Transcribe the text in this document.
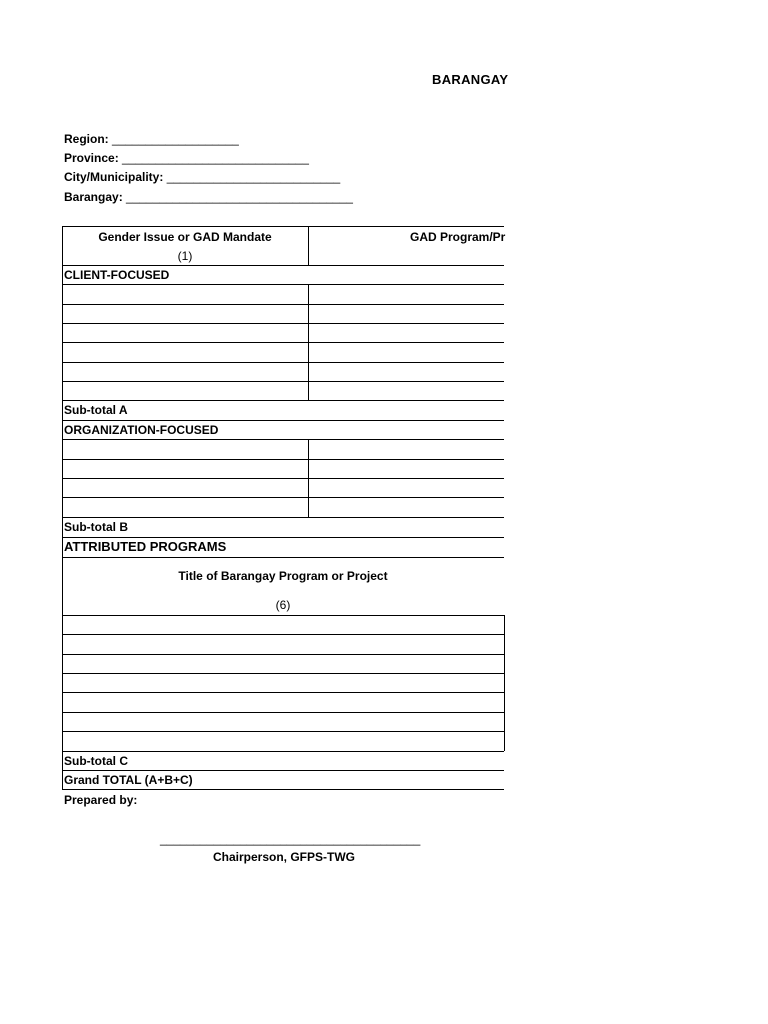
BARANGAY
Region: ___________________
Province: ____________________________
City/Municipality: __________________________
Barangay: __________________________________
Gender Issue or GAD Mandate
(1)
GAD Program/Pr
CLIENT-FOCUSED
Sub-total A
ORGANIZATION-FOCUSED
Sub-total B
ATTRIBUTED PROGRAMS
Title of Barangay Program or Project
(6)
Sub-total C
Grand TOTAL (A+B+C)
Prepared by:
_______________________________________
Chairperson, GFPS-TWG
